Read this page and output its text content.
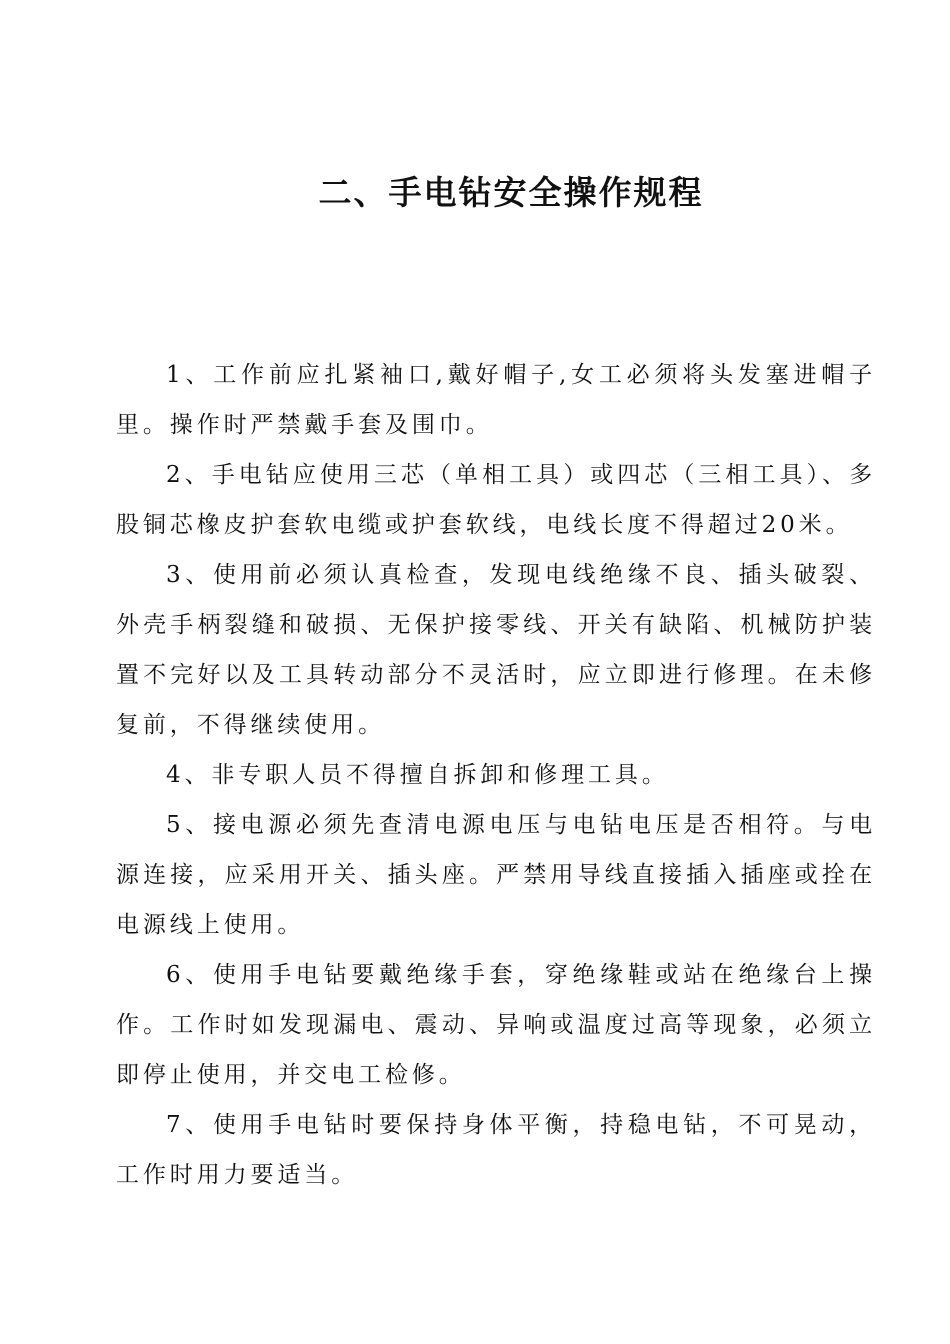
二、手电钻安全操作规程

1、工作前应扎紧袖口,戴好帽子,女工必须将头发塞进帽子里。操作时严禁戴手套及围巾。

2、手电钻应使用三芯（单相工具）或四芯（三相工具）、多股铜芯橡皮护套软电缆或护套软线，电线长度不得超过20米。

3、使用前必须认真检查，发现电线绝缘不良、插头破裂、外壳手柄裂缝和破损、无保护接零线、开关有缺陷、机械防护装置不完好以及工具转动部分不灵活时，应立即进行修理。在未修复前，不得继续使用。

4、非专职人员不得擅自拆卸和修理工具。

5、接电源必须先查清电源电压与电钻电压是否相符。与电源连接，应采用开关、插头座。严禁用导线直接插入插座或拴在电源线上使用。

6、使用手电钻要戴绝缘手套，穿绝缘鞋或站在绝缘台上操作。工作时如发现漏电、震动、异响或温度过高等现象，必须立即停止使用，并交电工检修。

7、使用手电钻时要保持身体平衡，持稳电钻，不可晃动，工作时用力要适当。
